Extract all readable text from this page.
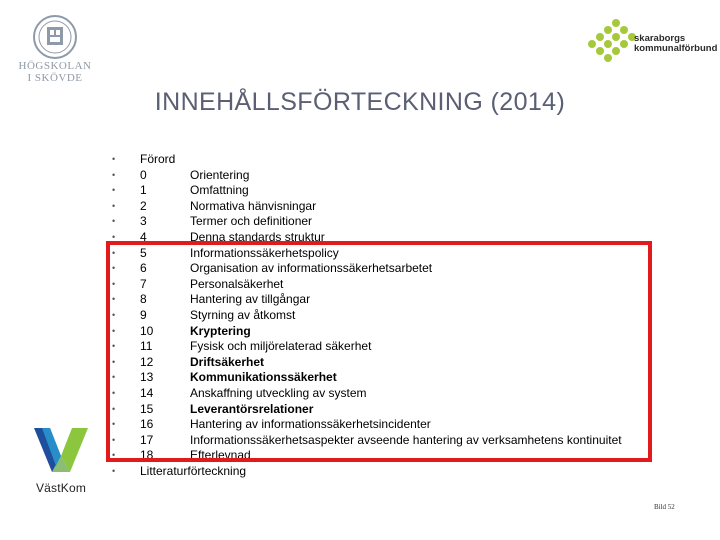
HÖGSKOLAN
I SKÖVDE
skaraborgs
kommunalförbund
INNEHÅLLSFÖRTECKNING (2014)
•	Förord
•	0	Orientering
•	1	Omfattning
•	2	Normativa hänvisningar
•	3	Termer och definitioner
•	4	Denna standards struktur
•	5	Informationssäkerhetspolicy
•	6	Organisation av informationssäkerhetsarbetet
•	7	Personalsäkerhet
•	8	Hantering av tillgångar
•	9	Styrning av åtkomst
•	10	Kryptering
•	11	Fysisk och miljörelaterad säkerhet
•	12	Driftsäkerhet
•	13	Kommunikationssäkerhet
•	14	Anskaffning utveckling av system
•	15	Leverantörsrelationer
•	16	Hantering av informationssäkerhetsincidenter
•	17	Informationssäkerhetsaspekter avseende hantering av verksamhetens kontinuitet
•	18	Efterlevnad
•	Litteraturförteckning
VästKom
Bild 52
